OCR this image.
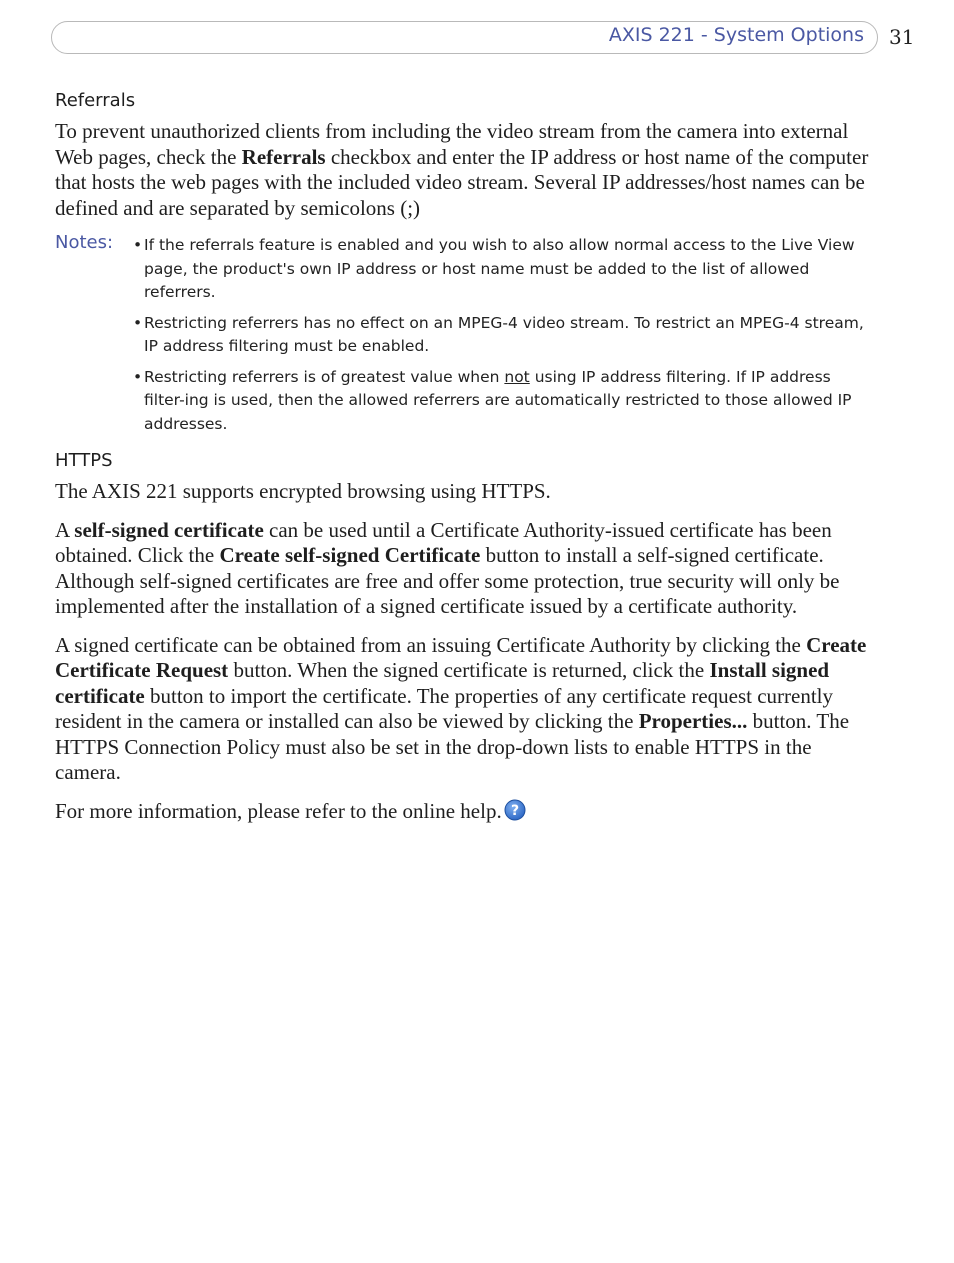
AXIS 221 - System Options 31
Referrals

To prevent unauthorized clients from including the video stream from the camera into external Web pages, check the Referrals checkbox and enter the IP address or host name of the computer that hosts the web pages with the included video stream. Several IP addresses/host names can be defined and are separated by semicolons (;)

Notes: • If the referrals feature is enabled and you wish to also allow normal access to the Live View page, the product's own IP address or host name must be added to the list of allowed referrers.
• Restricting referrers has no effect on an MPEG-4 video stream. To restrict an MPEG-4 stream, IP address filtering must be enabled.
• Restricting referrers is of greatest value when not using IP address filtering. If IP address filter-ing is used, then the allowed referrers are automatically restricted to those allowed IP addresses.
HTTPS

The AXIS 221 supports encrypted browsing using HTTPS.

A self-signed certificate can be used until a Certificate Authority-issued certificate has been obtained. Click the Create self-signed Certificate button to install a self-signed certificate. Although self-signed certificates are free and offer some protection, true security will only be implemented after the installation of a signed certificate issued by a certificate authority.

A signed certificate can be obtained from an issuing Certificate Authority by clicking the Create Certificate Request button. When the signed certificate is returned, click the Install signed certificate button to import the certificate. The properties of any certificate request currently resident in the camera or installed can also be viewed by clicking the Properties... button. The HTTPS Connection Policy must also be set in the drop-down lists to enable HTTPS in the camera.

For more information, please refer to the online help. ?
